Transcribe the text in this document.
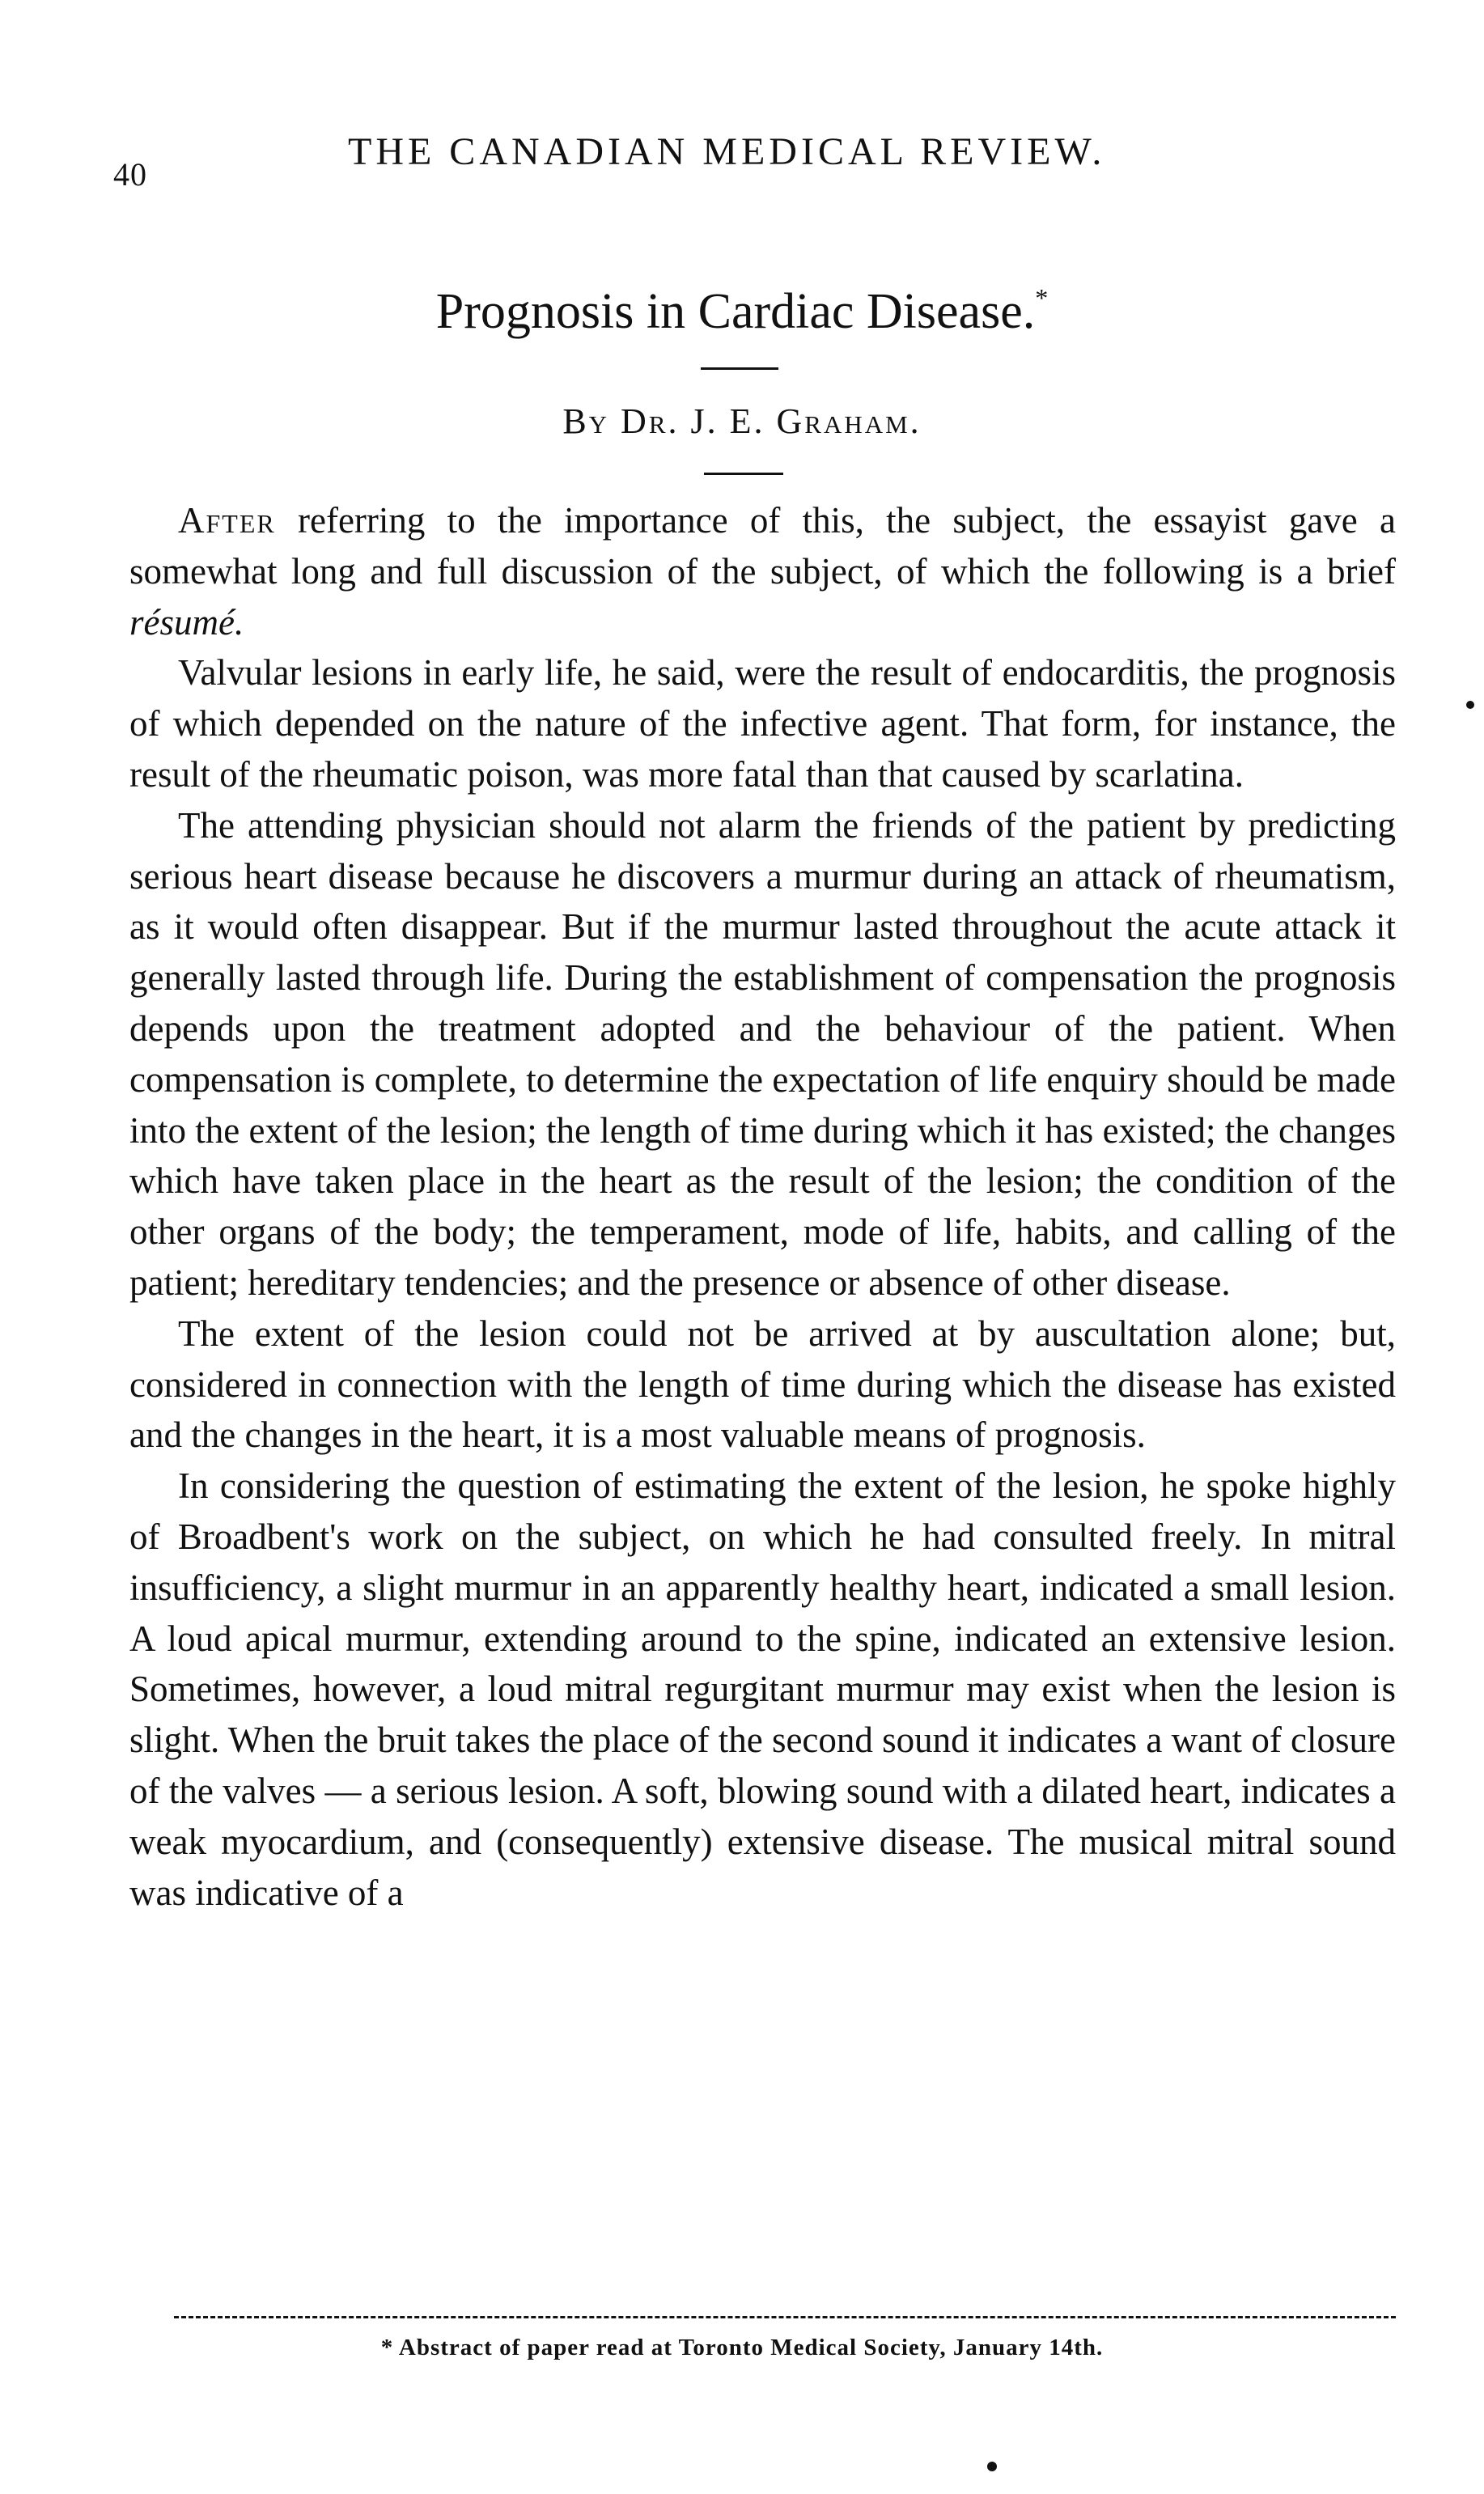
40
THE CANADIAN MEDICAL REVIEW.
Prognosis in Cardiac Disease.*
By Dr. J. E. Graham.

After referring to the importance of this, the subject, the essayist gave a somewhat long and full discussion of the subject, of which the following is a brief résumé.

Valvular lesions in early life, he said, were the result of endocarditis, the prognosis of which depended on the nature of the infective agent. That form, for instance, the result of the rheumatic poison, was more fatal than that caused by scarlatina.

The attending physician should not alarm the friends of the patient by predicting serious heart disease because he discovers a murmur during an attack of rheumatism, as it would often disappear. But if the murmur lasted throughout the acute attack it generally lasted through life. During the establishment of compensation the prognosis depends upon the treatment adopted and the behaviour of the patient. When compensation is complete, to determine the expectation of life enquiry should be made into the extent of the lesion; the length of time during which it has existed; the changes which have taken place in the heart as the result of the lesion; the condition of the other organs of the body; the temperament, mode of life, habits, and calling of the patient; hereditary tendencies; and the presence or absence of other disease.

The extent of the lesion could not be arrived at by auscultation alone; but, considered in connection with the length of time during which the disease has existed and the changes in the heart, it is a most valuable means of prognosis.

In considering the question of estimating the extent of the lesion, he spoke highly of Broadbent's work on the subject, on which he had consulted freely. In mitral insufficiency, a slight murmur in an apparently healthy heart, indicated a small lesion. A loud apical murmur, extending around to the spine, indicated an extensive lesion. Sometimes, however, a loud mitral regurgitant murmur may exist when the lesion is slight. When the bruit takes the place of the second sound it indicates a want of closure of the valves — a serious lesion. A soft, blowing sound with a dilated heart, indicates a weak myocardium, and (consequently) extensive disease. The musical mitral sound was indicative of a

* Abstract of paper read at Toronto Medical Society, January 14th.
